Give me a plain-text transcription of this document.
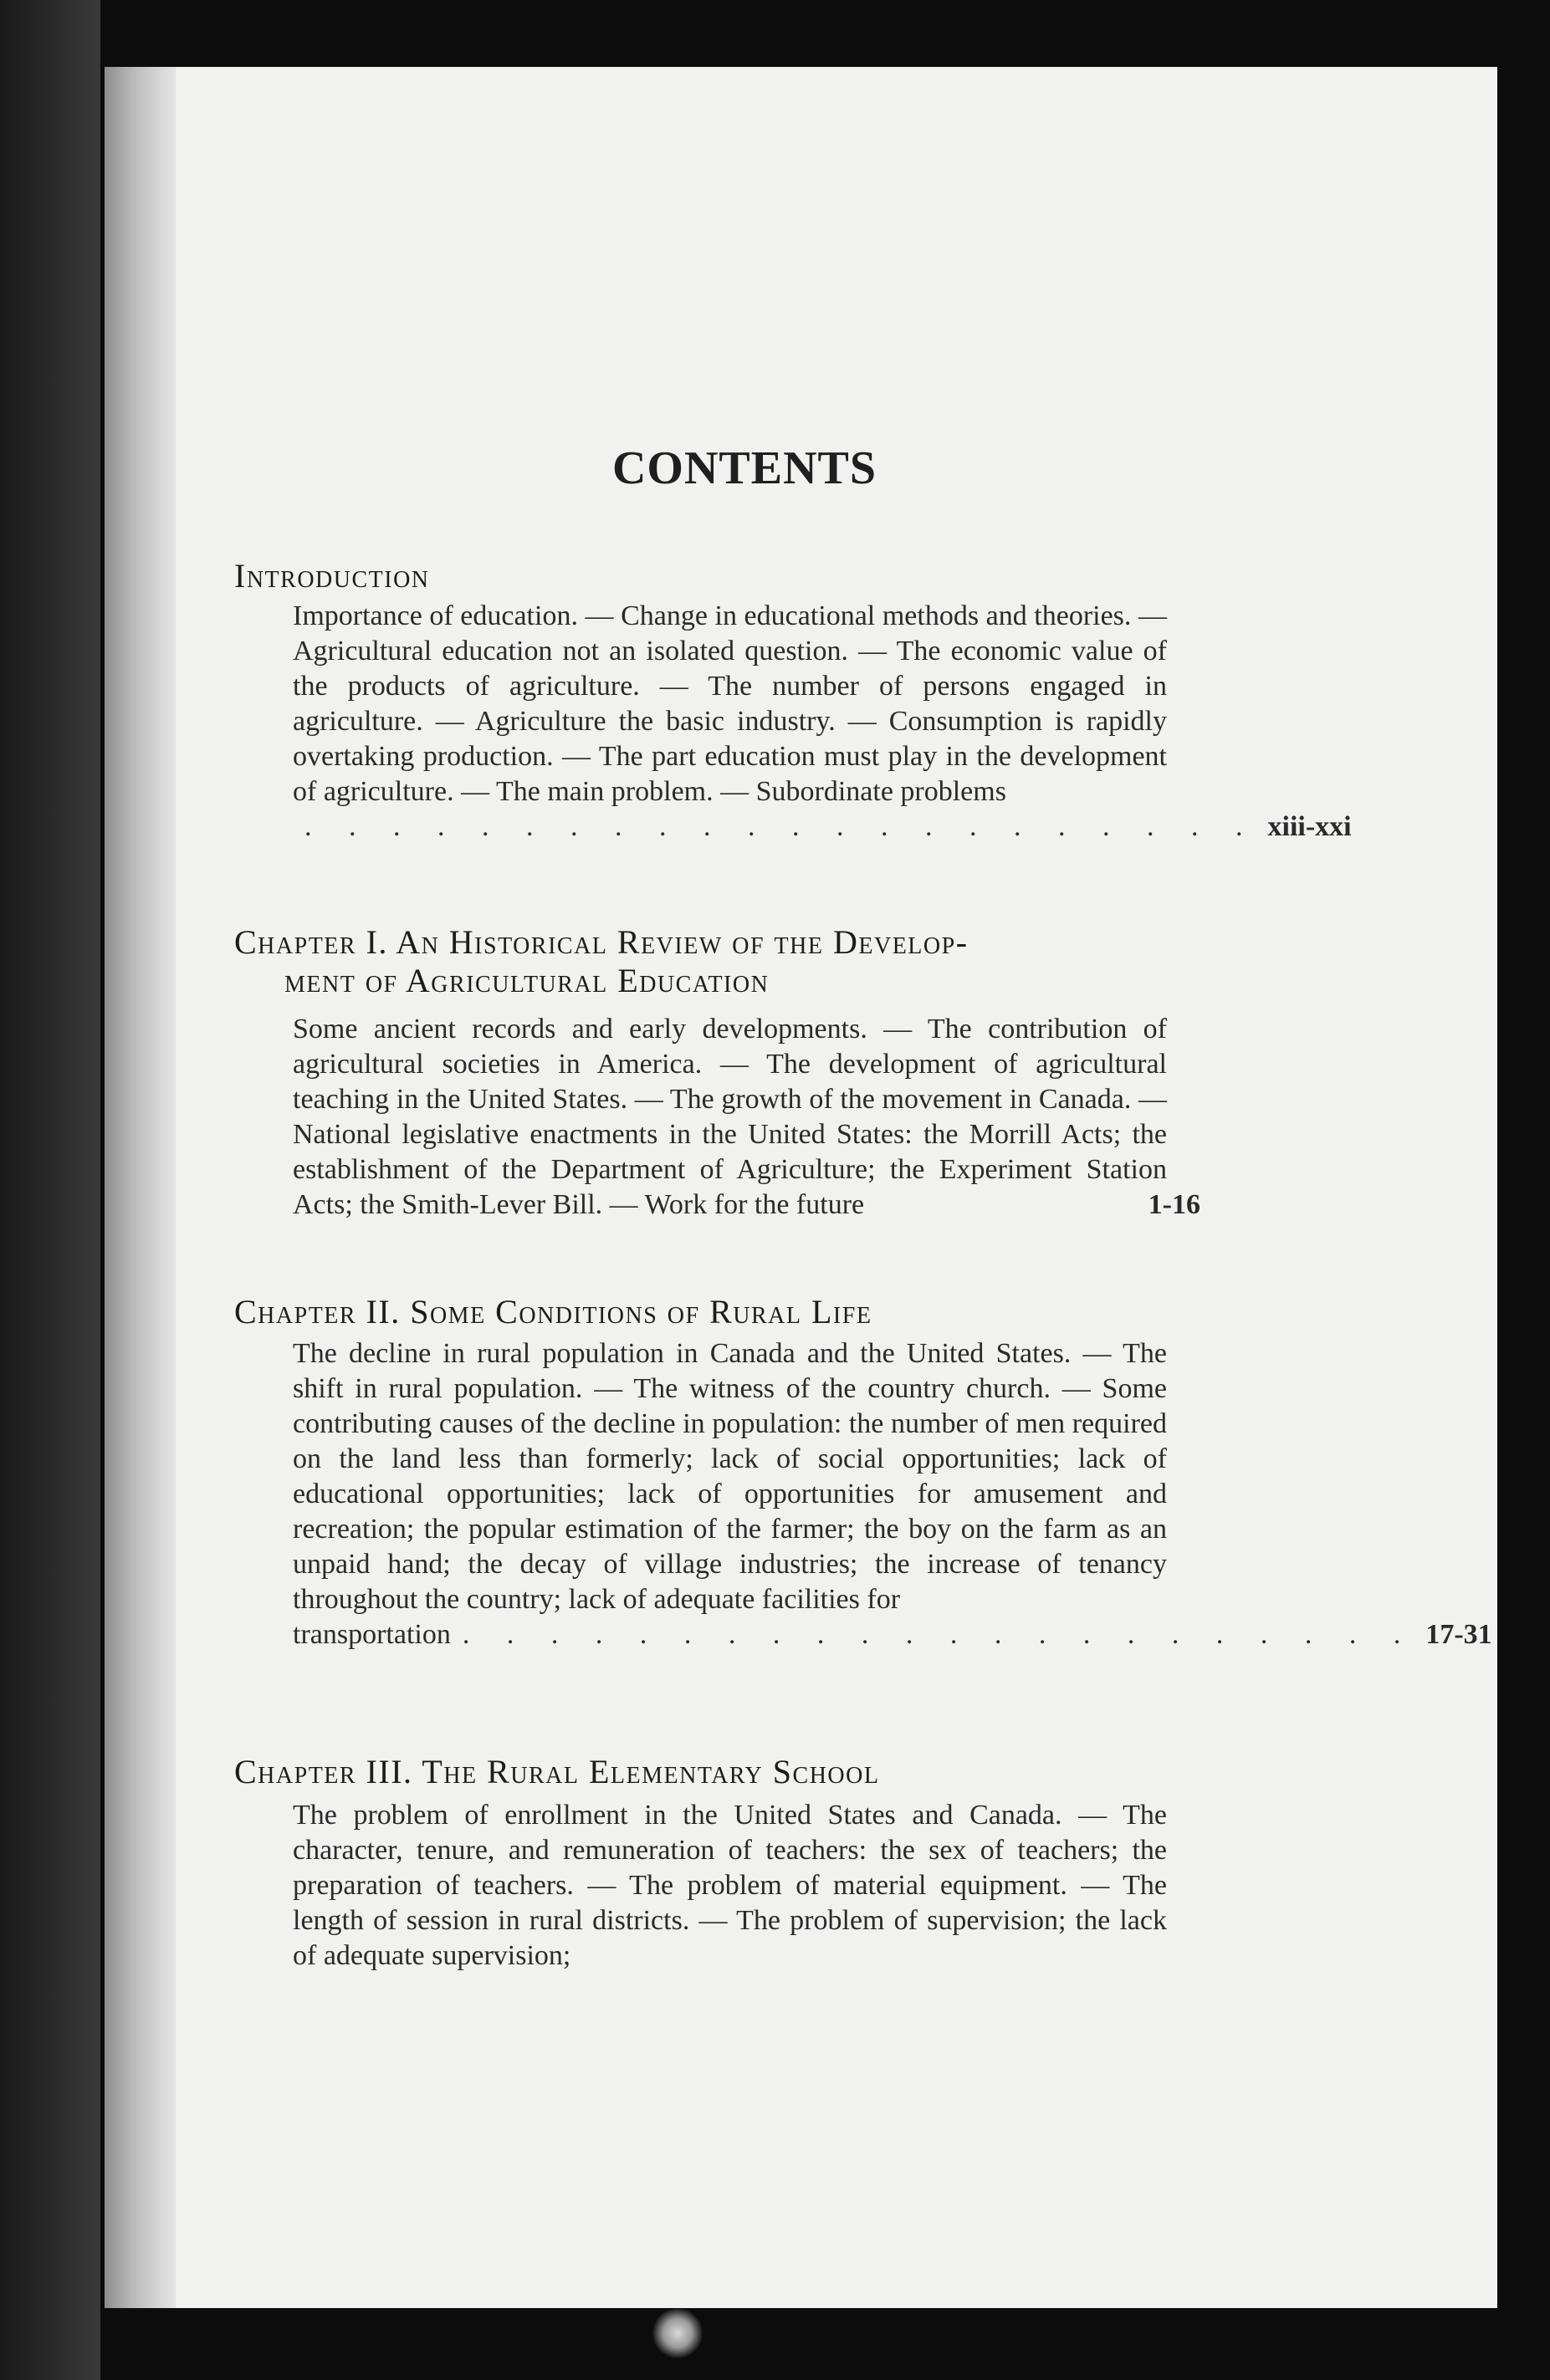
CONTENTS
Introduction
Importance of education. — Change in educational methods and theories. — Agricultural education not an isolated question. — The economic value of the products of agriculture. — The number of persons engaged in agriculture. — Agriculture the basic industry. — Consumption is rapidly overtaking production. — The part education must play in the development of agriculture. — The main problem. — Subordinate problems
. . . . . . . . . . . . . . . . . . . . . . xiii-xxi
Chapter I. An Historical Review of the Develop-
ment of Agricultural Education
Some ancient records and early developments. — The contribution of agricultural societies in America. — The development of agricultural teaching in the United States. — The growth of the movement in Canada. — National legislative enactments in the United States: the Morrill Acts; the establishment of the Department of Agriculture; the Experiment Station Acts; the Smith-Lever Bill. — Work for the future	1-16
Chapter II. Some Conditions of Rural Life
The decline in rural population in Canada and the United States. — The shift in rural population. — The witness of the country church. — Some contributing causes of the decline in population: the number of men required on the land less than formerly; lack of social opportunities; lack of educational opportunities; lack of opportunities for amusement and recreation; the popular estimation of the farmer; the boy on the farm as an unpaid hand; the decay of village industries; the increase of tenancy throughout the country; lack of adequate facilities for
transportation . . . . . . . . . . . . . . . . . . . . . . 17-31
Chapter III. The Rural Elementary School
The problem of enrollment in the United States and Canada. — The character, tenure, and remuneration of teachers: the sex of teachers; the preparation of teachers. — The problem of material equipment. — The length of session in rural districts. — The problem of supervision; the lack of adequate supervision;
